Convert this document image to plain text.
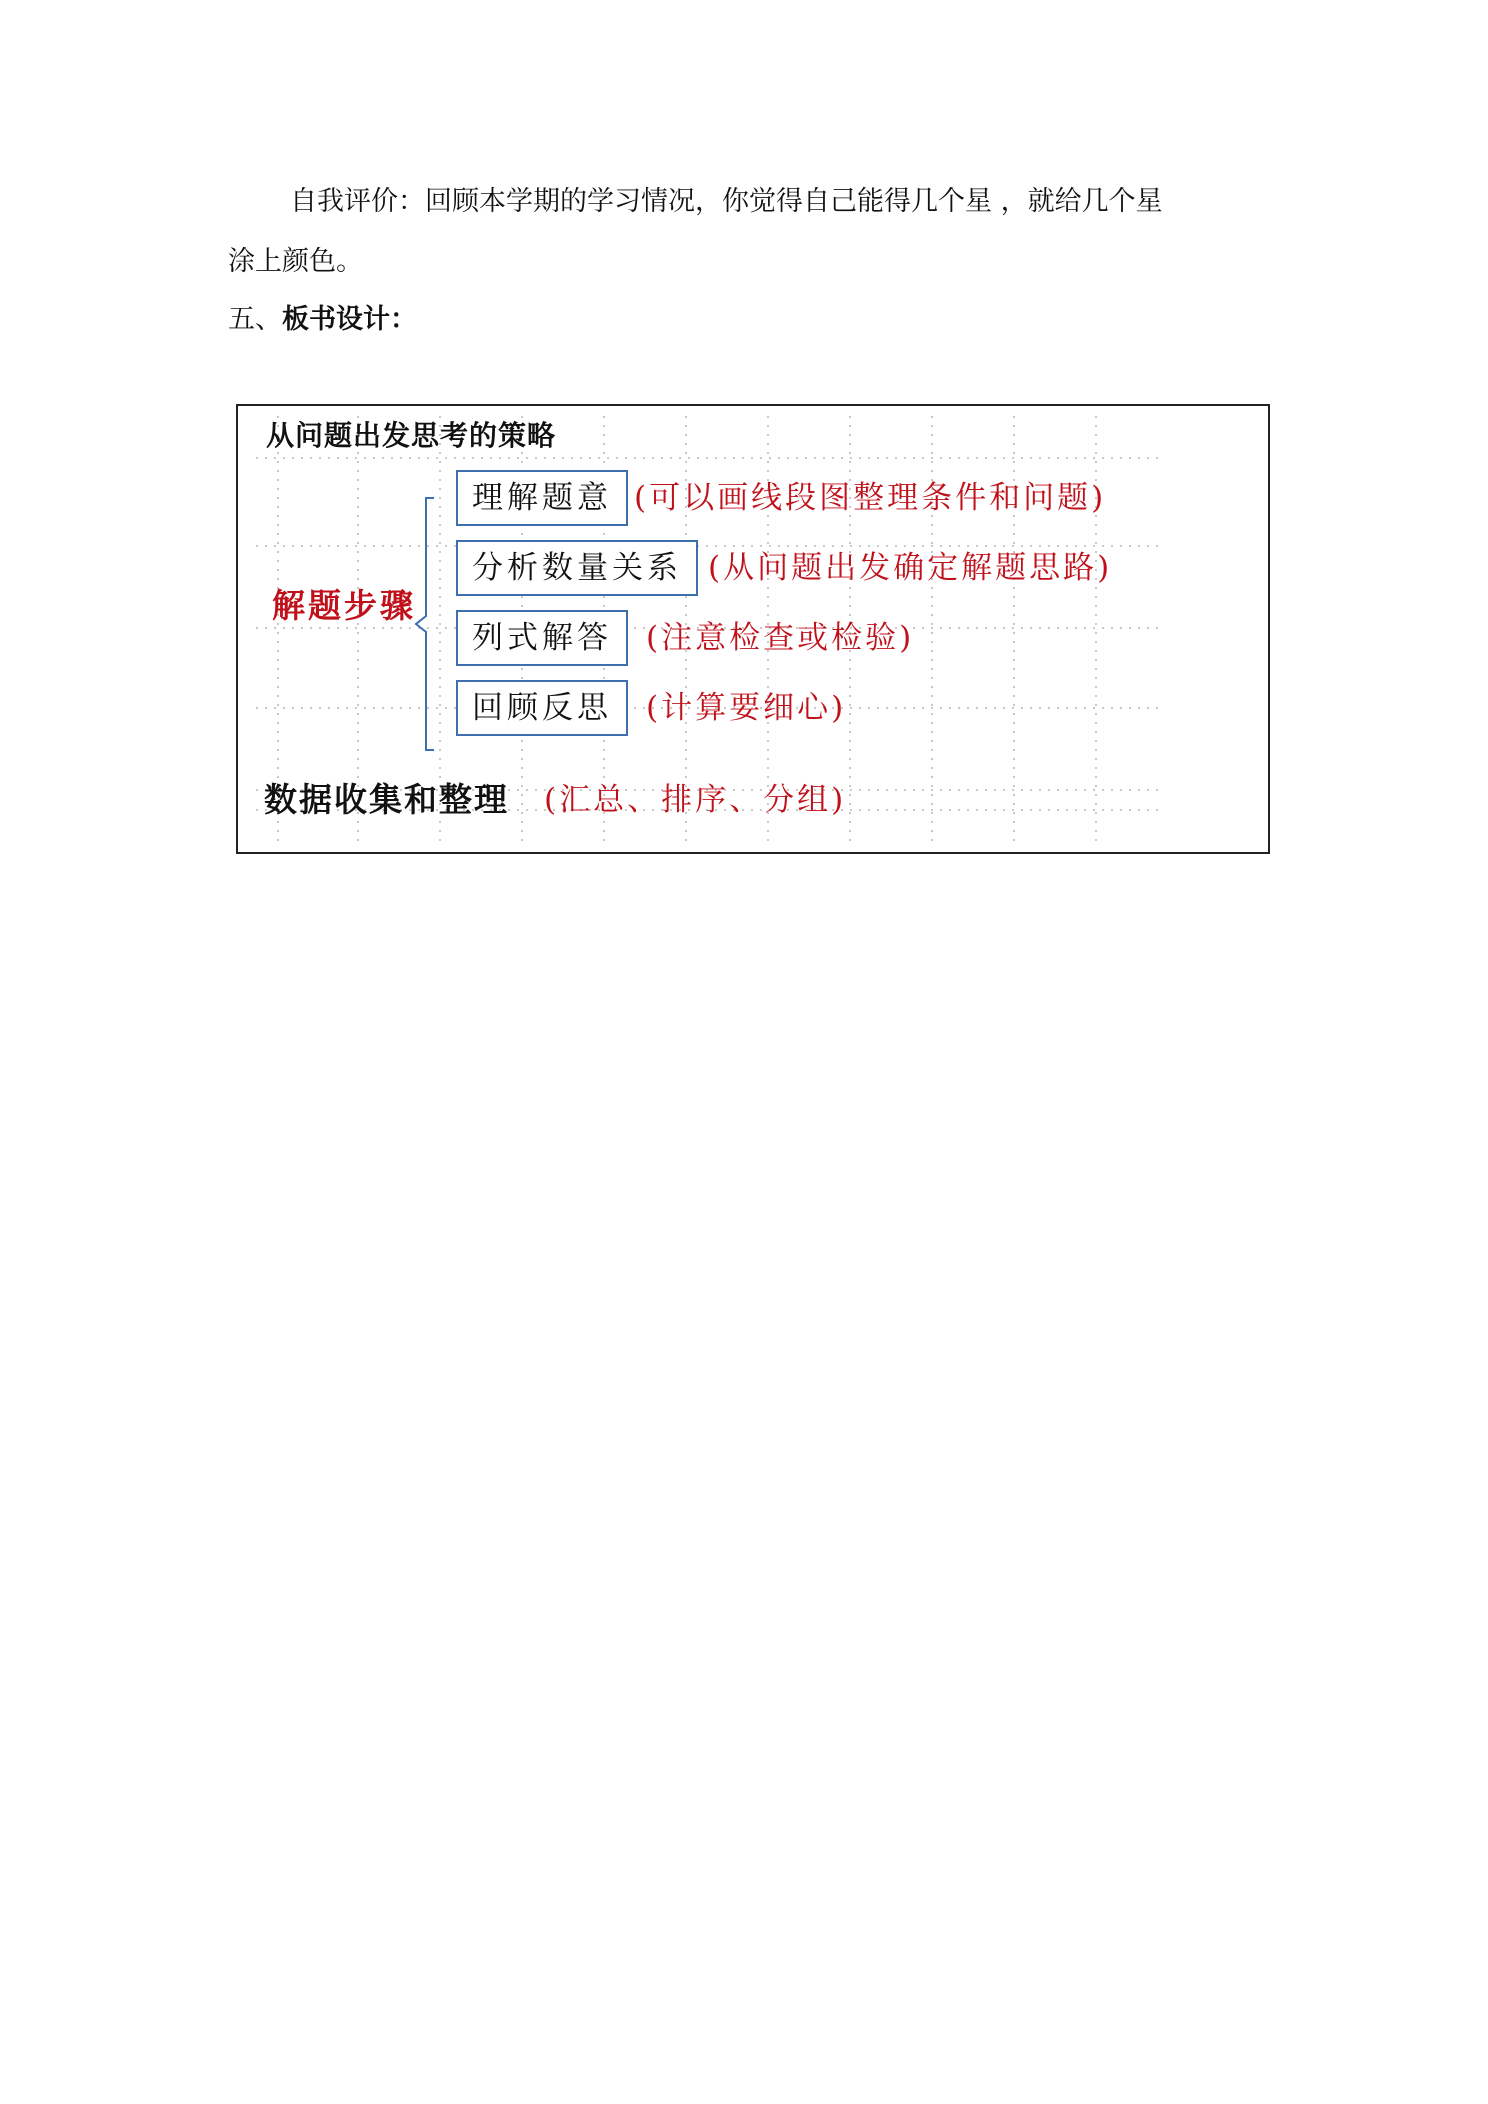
自我评价：回顾本学期的学习情况，你觉得自己能得几个星 ，就给几个星
涂上颜色。

五、板书设计：

从问题出发思考的策略
解题步骤
理解题意 (可以画线段图整理条件和问题)
分析数量关系 (从问题出发确定解题思路)
列式解答	(注意检查或检验)
回顾反思	(计算要细心)
数据收集和整理 (汇总、排序、分组)
